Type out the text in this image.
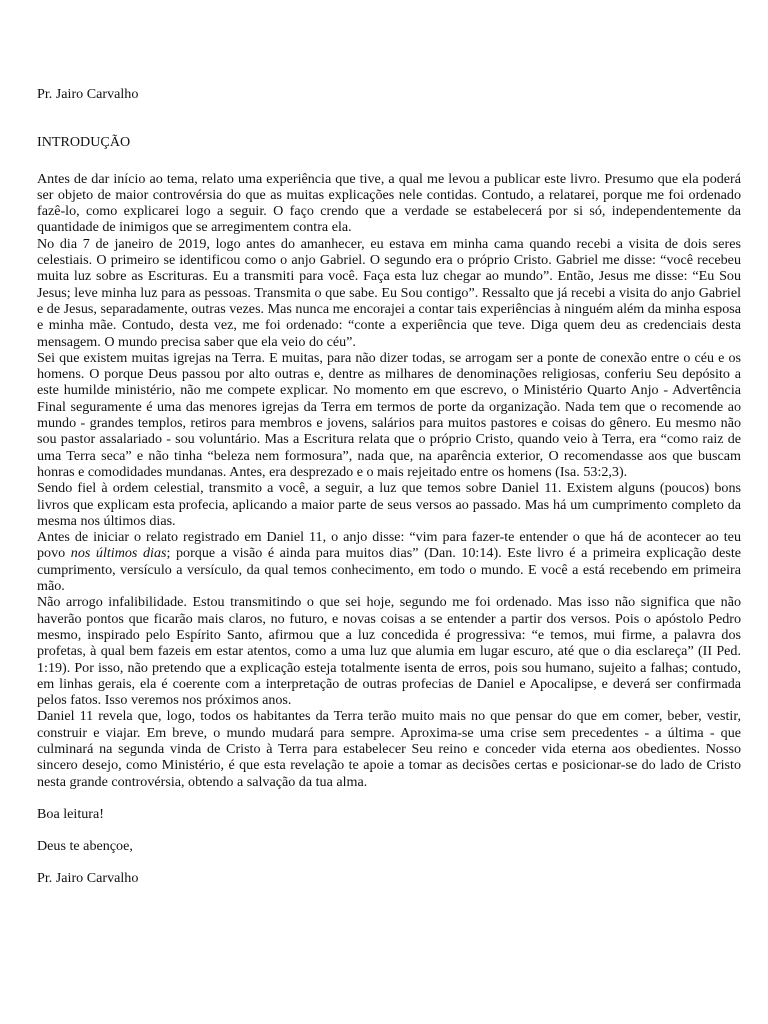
Pr. Jairo Carvalho

INTRODUÇÃO

Antes de dar início ao tema, relato uma experiência que tive, a qual me levou a publicar este livro. Presumo que ela poderá ser objeto de maior controvérsia do que as muitas explicações nele contidas. Contudo, a relatarei, porque me foi ordenado fazê-lo, como explicarei logo a seguir. O faço crendo que a verdade se estabelecerá por si só, independentemente da quantidade de inimigos que se arregimentem contra ela.

No dia 7 de janeiro de 2019, logo antes do amanhecer, eu estava em minha cama quando recebi a visita de dois seres celestiais. O primeiro se identificou como o anjo Gabriel. O segundo era o próprio Cristo. Gabriel me disse: “você recebeu muita luz sobre as Escrituras. Eu a transmiti para você. Faça esta luz chegar ao mundo”. Então, Jesus me disse: “Eu Sou Jesus; leve minha luz para as pessoas. Transmita o que sabe. Eu Sou contigo”. Ressalto que já recebi a visita do anjo Gabriel e de Jesus, separadamente, outras vezes. Mas nunca me encorajei a contar tais experiências à ninguém além da minha esposa e minha mãe. Contudo, desta vez, me foi ordenado: “conte a experiência que teve. Diga quem deu as credenciais desta mensagem. O mundo precisa saber que ela veio do céu”.

Sei que existem muitas igrejas na Terra. E muitas, para não dizer todas, se arrogam ser a ponte de conexão entre o céu e os homens. O porque Deus passou por alto outras e, dentre as milhares de denominações religiosas, conferiu Seu depósito a este humilde ministério, não me compete explicar. No momento em que escrevo, o Ministério Quarto Anjo - Advertência Final seguramente é uma das menores igrejas da Terra em termos de porte da organização. Nada tem que o recomende ao mundo - grandes templos, retiros para membros e jovens, salários para muitos pastores e coisas do gênero. Eu mesmo não sou pastor assalariado - sou voluntário. Mas a Escritura relata que o próprio Cristo, quando veio à Terra, era “como raiz de uma Terra seca” e não tinha “beleza nem formosura”, nada que, na aparência exterior, O recomendasse aos que buscam honras e comodidades mundanas. Antes, era desprezado e o mais rejeitado entre os homens (Isa. 53:2,3).

Sendo fiel à ordem celestial, transmito a você, a seguir, a luz que temos sobre Daniel 11. Existem alguns (poucos) bons livros que explicam esta profecia, aplicando a maior parte de seus versos ao passado. Mas há um cumprimento completo da mesma nos últimos dias.

Antes de iniciar o relato registrado em Daniel 11, o anjo disse: “vim para fazer-te entender o que há de acontecer ao teu povo nos últimos dias; porque a visão é ainda para muitos dias” (Dan. 10:14). Este livro é a primeira explicação deste cumprimento, versículo a versículo, da qual temos conhecimento, em todo o mundo. E você a está recebendo em primeira mão.

Não arrogo infalibilidade. Estou transmitindo o que sei hoje, segundo me foi ordenado. Mas isso não significa que não haverão pontos que ficarão mais claros, no futuro, e novas coisas a se entender a partir dos versos. Pois o apóstolo Pedro mesmo, inspirado pelo Espírito Santo, afirmou que a luz concedida é progressiva: “e temos, mui firme, a palavra dos profetas, à qual bem fazeis em estar atentos, como a uma luz que alumia em lugar escuro, até que o dia esclareça” (II Ped. 1:19). Por isso, não pretendo que a explicação esteja totalmente isenta de erros, pois sou humano, sujeito a falhas; contudo, em linhas gerais, ela é coerente com a interpretação de outras profecias de Daniel e Apocalipse, e deverá ser confirmada pelos fatos. Isso veremos nos próximos anos.

Daniel 11 revela que, logo, todos os habitantes da Terra terão muito mais no que pensar do que em comer, beber, vestir, construir e viajar. Em breve, o mundo mudará para sempre. Aproxima-se uma crise sem precedentes - a última - que culminará na segunda vinda de Cristo à Terra para estabelecer Seu reino e conceder vida eterna aos obedientes. Nosso sincero desejo, como Ministério, é que esta revelação te apoie a tomar as decisões certas e posicionar-se do lado de Cristo nesta grande controvérsia, obtendo a salvação da tua alma.

Boa leitura!

Deus te abençoe,

Pr. Jairo Carvalho
